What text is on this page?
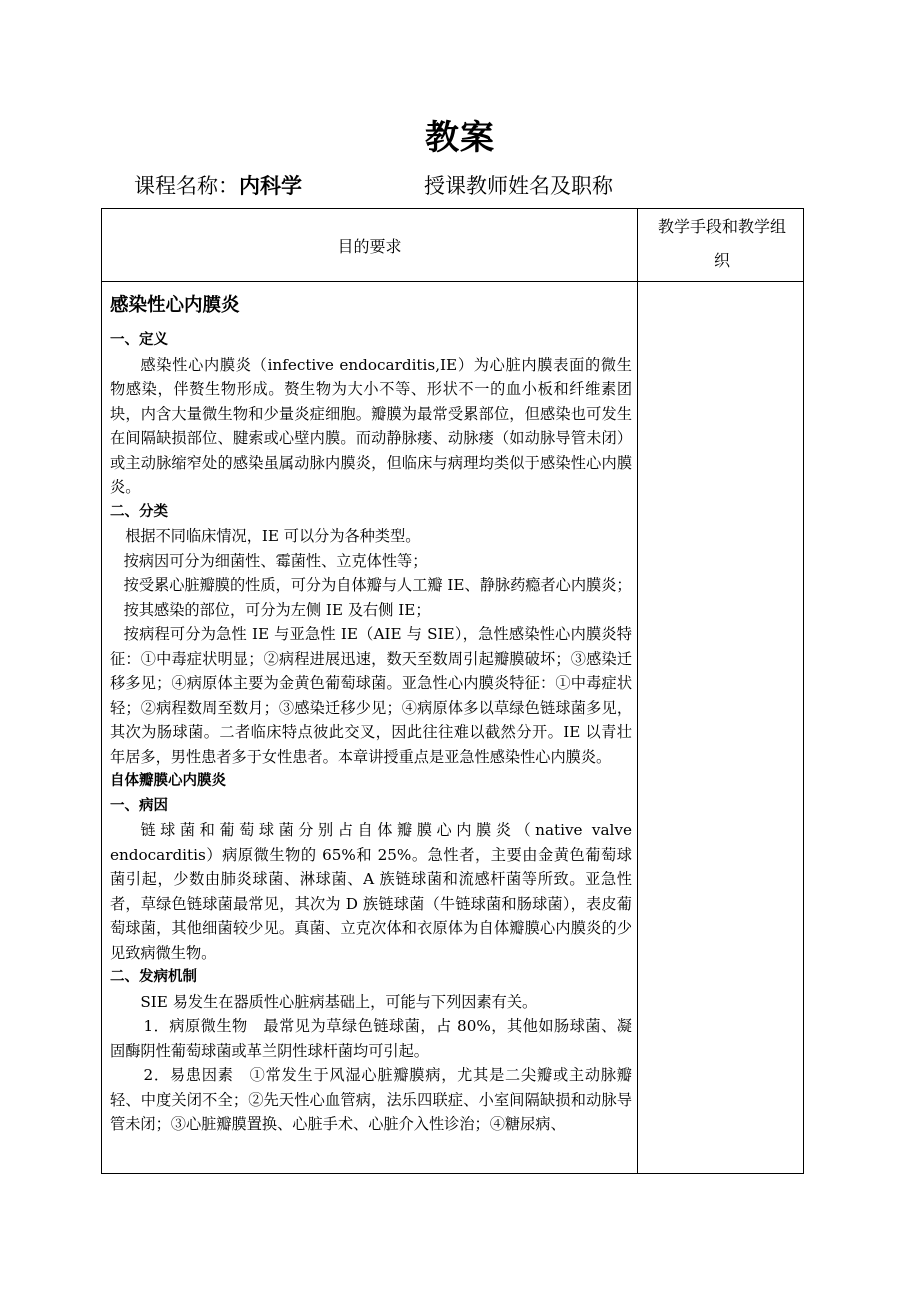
教案
课程名称：内科学	授课教师姓名及职称
目的要求
教学手段和教学组
织
感染性心内膜炎
一、定义
感染性心内膜炎（infective endocarditis,IE）为心脏内膜表面的微生物感染，伴赘生物形成。赘生物为大小不等、形状不一的血小板和纤维素团块，内含大量微生物和少量炎症细胞。瓣膜为最常受累部位，但感染也可发生在间隔缺损部位、腱索或心壁内膜。而动静脉瘘、动脉瘘（如动脉导管未闭）或主动脉缩窄处的感染虽属动脉内膜炎，但临床与病理均类似于感染性心内膜炎。
二、分类
根据不同临床情况，IE 可以分为各种类型。
按病因可分为细菌性、霉菌性、立克体性等；
按受累心脏瓣膜的性质，可分为自体瓣与人工瓣 IE、静脉药瘾者心内膜炎；
按其感染的部位，可分为左侧 IE 及右侧 IE；
按病程可分为急性 IE 与亚急性 IE（AIE 与 SIE），急性感染性心内膜炎特征：①中毒症状明显；②病程进展迅速，数天至数周引起瓣膜破坏；③感染迁移多见；④病原体主要为金黄色葡萄球菌。亚急性心内膜炎特征：①中毒症状轻；②病程数周至数月；③感染迁移少见；④病原体多以草绿色链球菌多见，其次为肠球菌。二者临床特点彼此交叉，因此往往难以截然分开。IE 以青壮年居多，男性患者多于女性患者。本章讲授重点是亚急性感染性心内膜炎。
自体瓣膜心内膜炎
一、病因
链球菌和葡萄球菌分别占自体瓣膜心内膜炎（native valve
endocarditis）病原微生物的 65%和 25%。急性者，主要由金黄色葡萄球菌引起，少数由肺炎球菌、淋球菌、A 族链球菌和流感杆菌等所致。亚急性者，草绿色链球菌最常见，其次为 D 族链球菌（牛链球菌和肠球菌），表皮葡萄球菌，其他细菌较少见。真菌、立克次体和衣原体为自体瓣膜心内膜炎的少见致病微生物。
二、发病机制
SIE 易发生在器质性心脏病基础上，可能与下列因素有关。
1．病原微生物　最常见为草绿色链球菌，占 80%，其他如肠球菌、凝固酶阴性葡萄球菌或革兰阴性球杆菌均可引起。
2．易患因素　①常发生于风湿心脏瓣膜病，尤其是二尖瓣或主动脉瓣轻、中度关闭不全；②先天性心血管病，法乐四联症、小室间隔缺损和动脉导管未闭；③心脏瓣膜置换、心脏手术、心脏介入性诊治；④糖尿病、
